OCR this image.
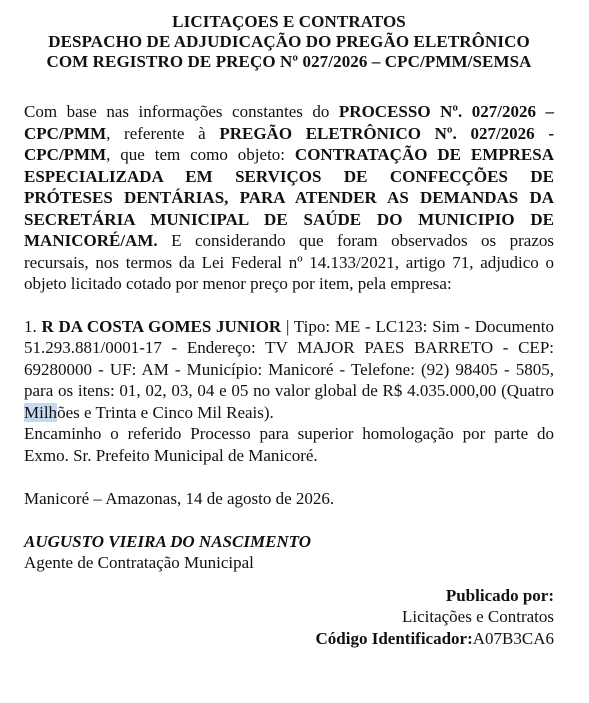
LICITAÇOES E CONTRATOS

DESPACHO DE ADJUDICAÇÃO DO PREGÃO ELETRÔNICO

COM REGISTRO DE PREÇO Nº 027/2026 – CPC/PMM/SEMSA

Com base nas informações constantes do PROCESSO Nº. 027/2026 – CPC/PMM, referente à PREGÃO ELETRÔNICO Nº. 027/2026 - CPC/PMM, que tem como objeto: CONTRATAÇÃO DE EMPRESA ESPECIALIZADA EM SERVIÇOS DE CONFECÇÕES DE PRÓTESES DENTÁRIAS, PARA ATENDER AS DEMANDAS DA SECRETÁRIA MUNICIPAL DE SAÚDE DO MUNICIPIO DE MANICORÉ/AM. E considerando que foram observados os prazos recursais, nos termos da Lei Federal nº 14.133/2021, artigo 71, adjudico o objeto licitado cotado por menor preço por item, pela empresa:

1. R DA COSTA GOMES JUNIOR | Tipo: ME - LC123: Sim - Documento 51.293.881/0001-17 - Endereço: TV MAJOR PAES BARRETO - CEP: 69280000 - UF: AM - Município: Manicoré - Telefone: (92) 98405 - 5805, para os itens: 01, 02, 03, 04 e 05 no valor global de R$ 4.035.000,00 (Quatro Milhões e Trinta e Cinco Mil Reais).

Encaminho o referido Processo para superior homologação por parte do Exmo. Sr. Prefeito Municipal de Manicoré.

Manicoré – Amazonas, 14 de agosto de 2026.

AUGUSTO VIEIRA DO NASCIMENTO

Agente de Contratação Municipal

Publicado por:

Licitações e Contratos

Código Identificador:A07B3CA6
